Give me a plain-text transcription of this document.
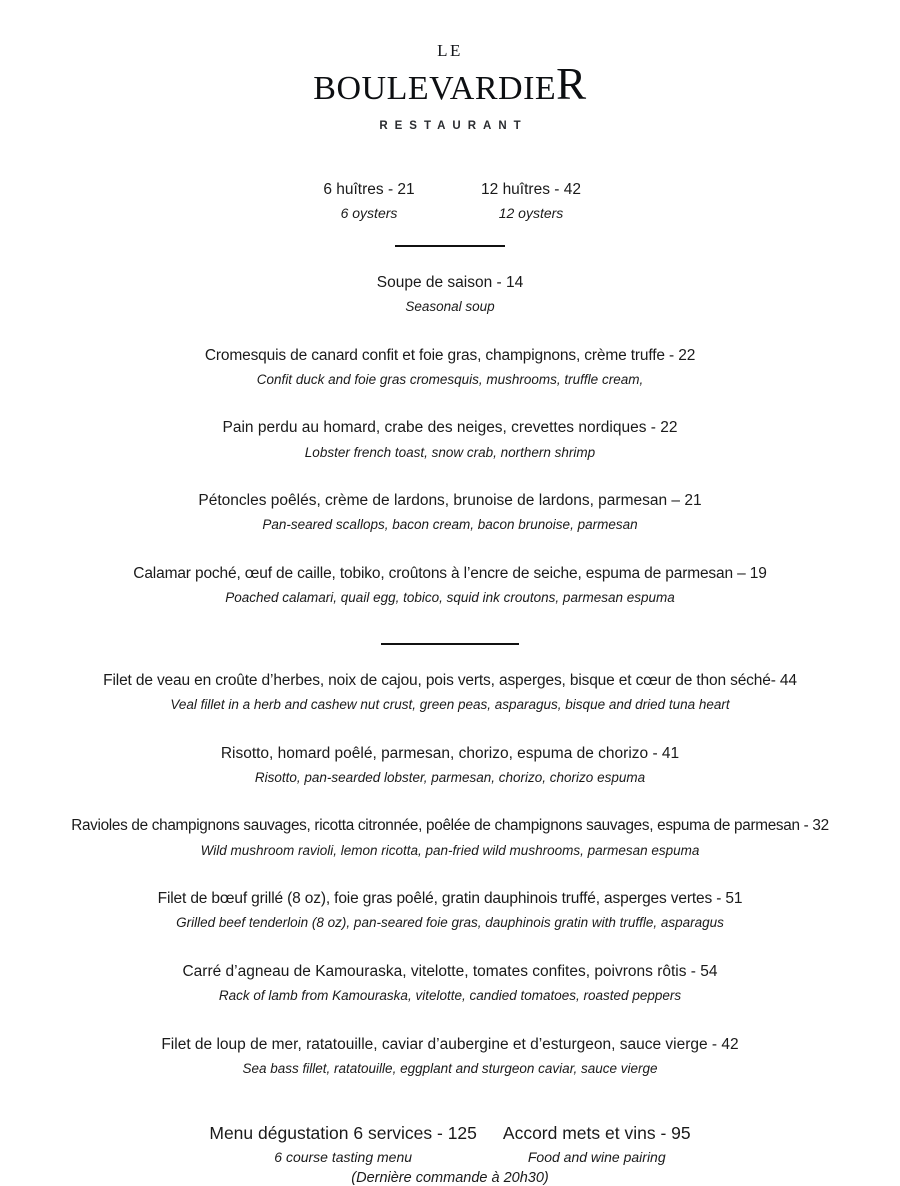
LE
BOULEVARDIER
RESTAURANT
6 huîtres - 21
6 oysters
12 huîtres - 42
12 oysters
Soupe de saison - 14
Seasonal soup
Cromesquis de canard confit et foie gras, champignons, crème truffe - 22
Confit duck and foie gras cromesquis, mushrooms, truffle cream,
Pain perdu au homard, crabe des neiges, crevettes nordiques - 22
Lobster french toast, snow crab, northern shrimp
Pétoncles poêlés, crème de lardons, brunoise de lardons, parmesan – 21
Pan-seared scallops, bacon cream, bacon brunoise, parmesan
Calamar poché, œuf de caille, tobiko, croûtons à l’encre de seiche, espuma de parmesan – 19
Poached calamari, quail egg, tobico, squid ink croutons, parmesan espuma
Filet de veau en croûte d’herbes, noix de cajou, pois verts, asperges, bisque et cœur de thon séché- 44
Veal fillet in a herb and cashew nut crust, green peas, asparagus, bisque and dried tuna heart
Risotto, homard poêlé, parmesan, chorizo, espuma de chorizo - 41
Risotto, pan-searded lobster, parmesan, chorizo, chorizo espuma
Ravioles de champignons sauvages, ricotta citronnée, poêlée de champignons sauvages, espuma de parmesan - 32
Wild mushroom ravioli, lemon ricotta, pan-fried wild mushrooms, parmesan espuma
Filet de bœuf grillé (8 oz), foie gras poêlé, gratin dauphinois truffé, asperges vertes - 51
Grilled beef tenderloin (8 oz), pan-seared foie gras, dauphinois gratin with truffle, asparagus
Carré d’agneau de Kamouraska, vitelotte, tomates confites, poivrons rôtis - 54
Rack of lamb from Kamouraska, vitelotte, candied tomatoes, roasted peppers
Filet de loup de mer, ratatouille, caviar d’aubergine et d’esturgeon, sauce vierge - 42
Sea bass fillet, ratatouille, eggplant and sturgeon caviar, sauce vierge
Menu dégustation 6 services - 125
6 course tasting menu
Accord mets et vins - 95
Food and wine pairing
(Dernière commande à 20h30)
